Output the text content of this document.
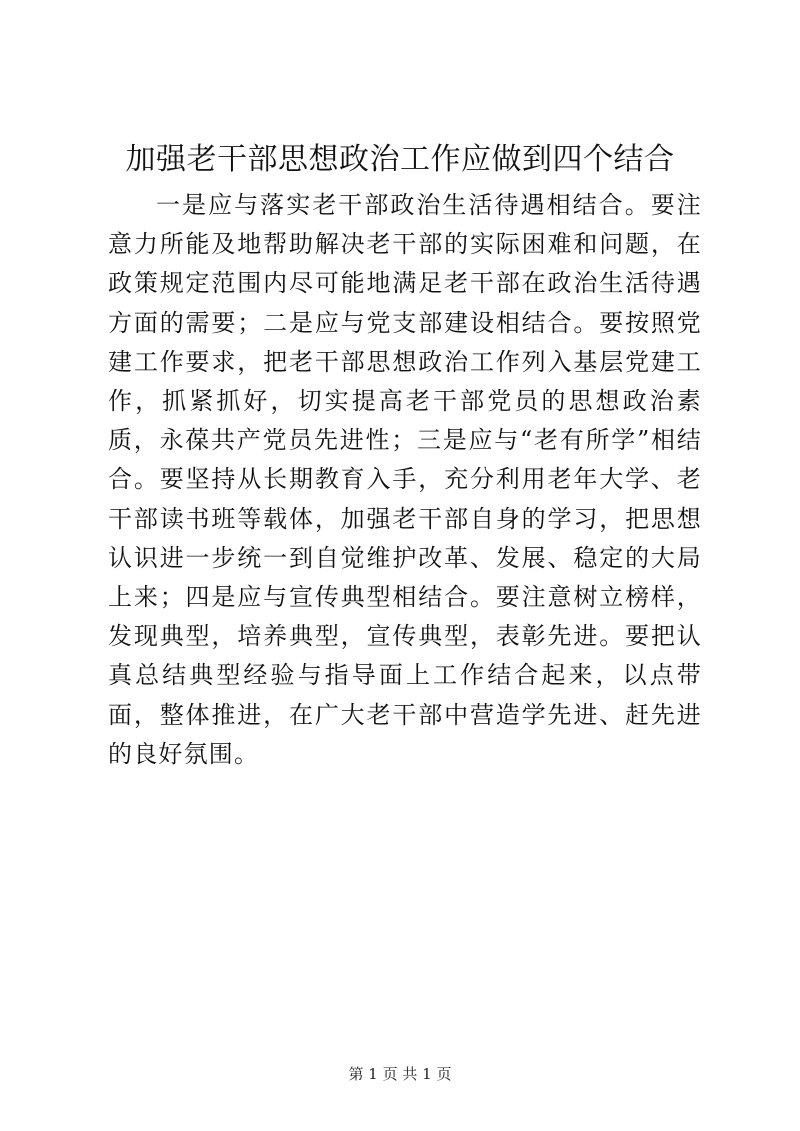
加强老干部思想政治工作应做到四个结合

一是应与落实老干部政治生活待遇相结合。要注意力所能及地帮助解决老干部的实际困难和问题，在政策规定范围内尽可能地满足老干部在政治生活待遇方面的需要；二是应与党支部建设相结合。要按照党建工作要求，把老干部思想政治工作列入基层党建工作，抓紧抓好，切实提高老干部党员的思想政治素质，永葆共产党员先进性；三是应与“老有所学”相结合。要坚持从长期教育入手，充分利用老年大学、老干部读书班等载体，加强老干部自身的学习，把思想认识进一步统一到自觉维护改革、发展、稳定的大局上来；四是应与宣传典型相结合。要注意树立榜样，发现典型，培养典型，宣传典型，表彰先进。要把认真总结典型经验与指导面上工作结合起来，以点带面，整体推进，在广大老干部中营造学先进、赶先进的良好氛围。

第 1 页 共 1 页
